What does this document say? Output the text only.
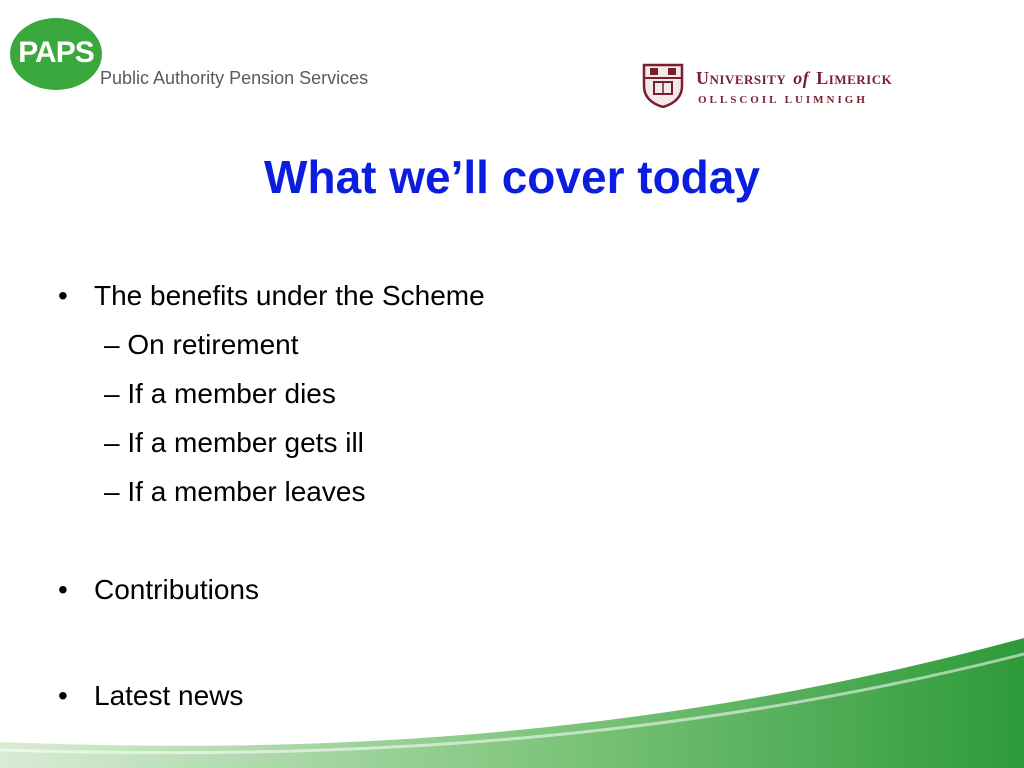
PAPS
Public Authority Pension Services	University of Limerick
OLLSCOIL LUIMNIGH
What we’ll cover today
• The benefits under the Scheme
– On retirement
– If a member dies
– If a member gets ill
– If a member leaves
• Contributions
• Latest news
